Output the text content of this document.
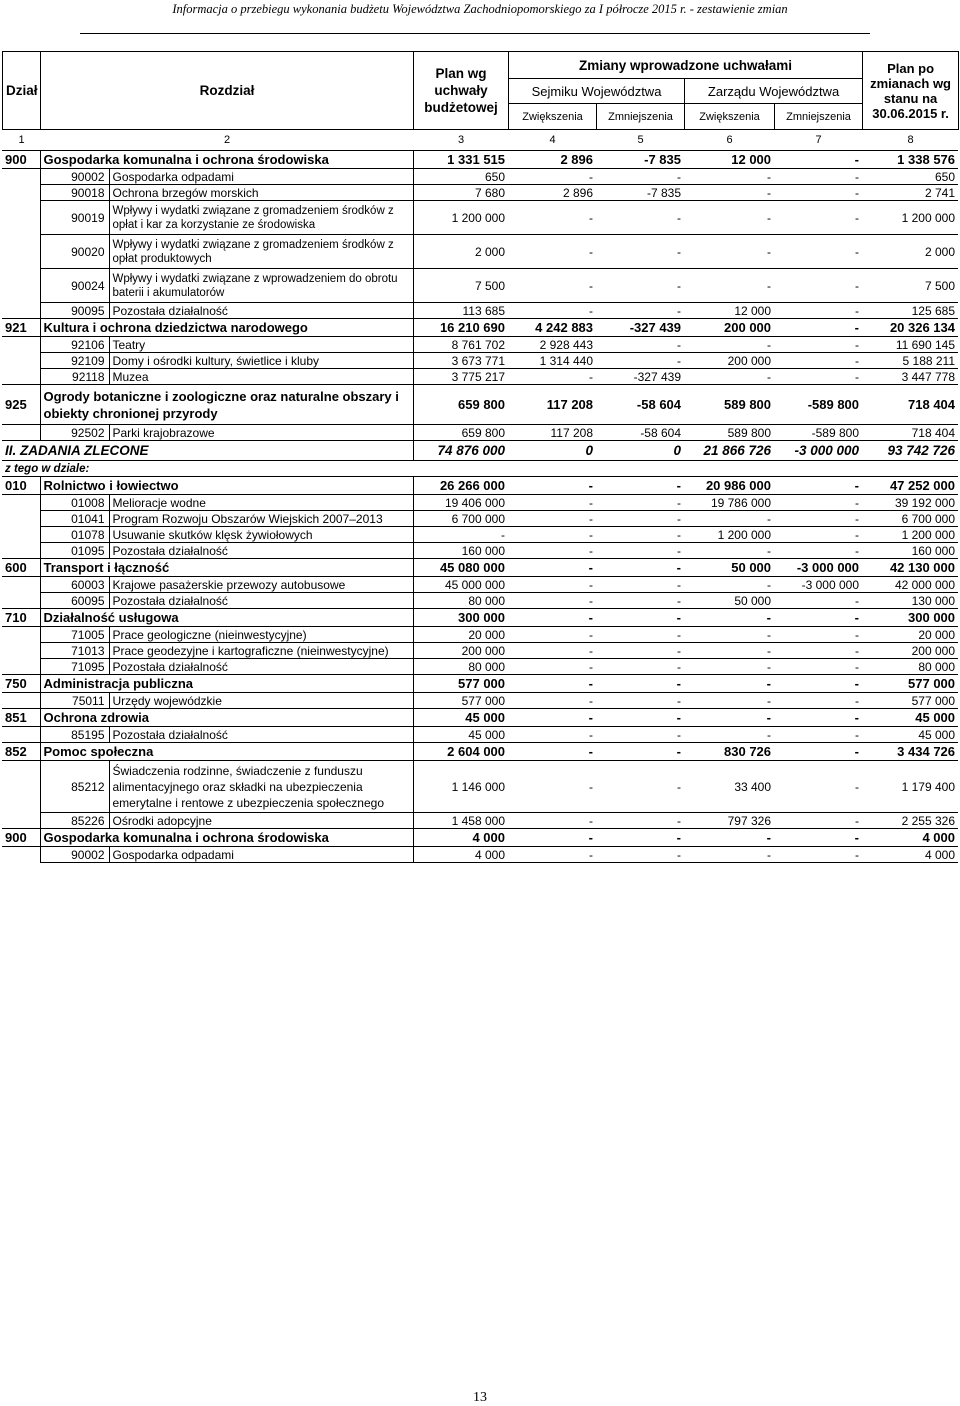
Informacja o przebiegu wykonania budżetu Województwa Zachodniopomorskiego za I półrocze 2015 r. - zestawienie zmian
Dział	Rozdział	Plan wg uchwały budżetowej	Zmiany wprowadzone uchwałami				Plan po zmianach wg stanu na 30.06.2015 r.
			Sejmiku Województwa		Zarządu Województwa		
			Zwiększenia	Zmniejszenia	Zwiększenia	Zmniejszenia	
1	2	3	4	5	6	7	8
900	Gospodarka komunalna i ochrona środowiska		1 331 515	2 896	-7 835	12 000	-	1 338 576
	90002	Gospodarka odpadami	650	-	-	-	-	650
	90018	Ochrona brzegów morskich	7 680	2 896	-7 835	-	-	2 741
	90019	Wpływy i wydatki związane z gromadzeniem środków z opłat i kar za korzystanie ze środowiska	1 200 000	-	-	-	-	1 200 000
	90020	Wpływy i wydatki związane z gromadzeniem środków z opłat produktowych	2 000	-	-	-	-	2 000
	90024	Wpływy i wydatki związane z wprowadzeniem do obrotu baterii i akumulatorów	7 500	-	-	-	-	7 500
	90095	Pozostała działalność	113 685	-	-	12 000	-	125 685
921	Kultura i ochrona dziedzictwa narodowego		16 210 690	4 242 883	-327 439	200 000	-	20 326 134
	92106	Teatry	8 761 702	2 928 443	-	-	-	11 690 145
	92109	Domy i ośrodki kultury, świetlice i kluby	3 673 771	1 314 440	-	200 000	-	5 188 211
	92118	Muzea	3 775 217	-	-327 439	-	-	3 447 778
925	Ogrody botaniczne i zoologiczne oraz naturalne obszary i obiekty chronionej przyrody		659 800	117 208	-58 604	589 800	-589 800	718 404
	92502	Parki krajobrazowe	659 800	117 208	-58 604	589 800	-589 800	718 404
II. ZADANIA ZLECONE			74 876 000	0	0	21 866 726	-3 000 000	93 742 726
z tego w dziale:								
010	Rolnictwo i łowiectwo		26 266 000	-	-	20 986 000	-	47 252 000
	01008	Melioracje wodne	19 406 000	-	-	19 786 000	-	39 192 000
	01041	Program Rozwoju Obszarów Wiejskich 2007–2013	6 700 000	-	-	-	-	6 700 000
	01078	Usuwanie skutków klęsk żywiołowych	-	-	-	1 200 000	-	1 200 000
	01095	Pozostała działalność	160 000	-	-	-	-	160 000
600	Transport i łączność		45 080 000	-	-	50 000	-3 000 000	42 130 000
	60003	Krajowe pasażerskie przewozy autobusowe	45 000 000	-	-	-	-3 000 000	42 000 000
	60095	Pozostała działalność	80 000	-	-	50 000	-	130 000
710	Działalność usługowa		300 000	-	-	-	-	300 000
	71005	Prace geologiczne (nieinwestycyjne)	20 000	-	-	-	-	20 000
	71013	Prace geodezyjne i kartograficzne (nieinwestycyjne)	200 000	-	-	-	-	200 000
	71095	Pozostała działalność	80 000	-	-	-	-	80 000
750	Administracja publiczna		577 000	-	-	-	-	577 000
	75011	Urzędy wojewódzkie	577 000	-	-	-	-	577 000
851	Ochrona zdrowia		45 000	-	-	-	-	45 000
	85195	Pozostała działalność	45 000	-	-	-	-	45 000
852	Pomoc społeczna		2 604 000	-	-	830 726	-	3 434 726
	85212	Świadczenia rodzinne, świadczenie z funduszu alimentacyjnego oraz składki na ubezpieczenia emerytalne i rentowe z ubezpieczenia społecznego	1 146 000	-	-	33 400	-	1 179 400
	85226	Ośrodki adopcyjne	1 458 000	-	-	797 326	-	2 255 326
900	Gospodarka komunalna i ochrona środowiska		4 000	-	-	-	-	4 000
	90002	Gospodarka odpadami	4 000	-	-	-	-	4 000
13
